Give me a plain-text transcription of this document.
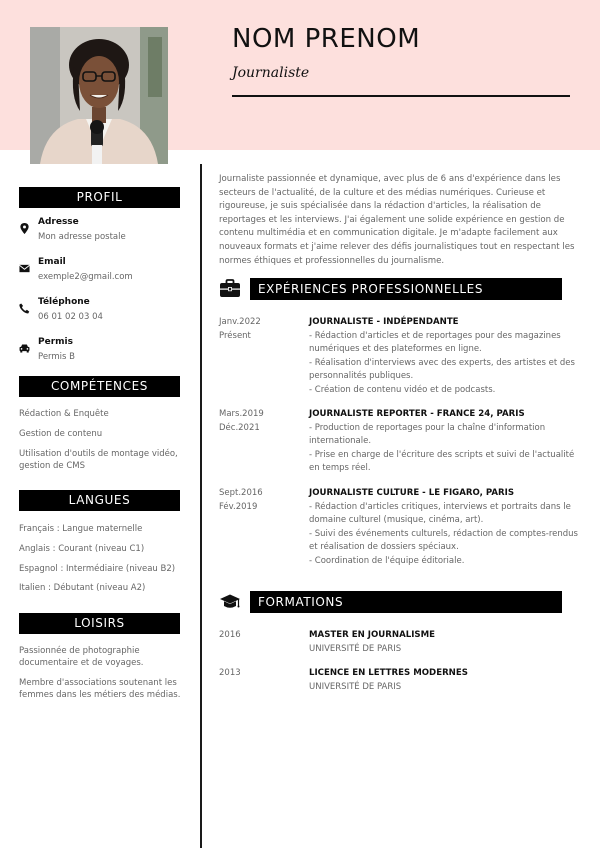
NOM PRENOM
Journaliste
PROFIL
Adresse
Mon adresse postale
Email
exemple2@gmail.com
Téléphone
06 01 02 03 04
Permis
Permis B
COMPÉTENCES
Rédaction & Enquête
Gestion de contenu
Utilisation d'outils de montage vidéo, gestion de CMS
LANGUES
Français : Langue maternelle
Anglais : Courant (niveau C1)
Espagnol : Intermédiaire (niveau B2)
Italien : Débutant (niveau A2)
LOISIRS
Passionnée de photographie documentaire et de voyages.
Membre d'associations soutenant les femmes dans les métiers des médias.
Journaliste passionnée et dynamique, avec plus de 6 ans d'expérience dans les secteurs de l'actualité, de la culture et des médias numériques. Curieuse et rigoureuse, je suis spécialisée dans la rédaction d'articles, la réalisation de reportages et les interviews. J'ai également une solide expérience en gestion de contenu multimédia et en communication digitale. Je m'adapte facilement aux nouveaux formats et j'aime relever des défis journalistiques tout en respectant les normes éthiques et professionnelles du journalisme.
EXPÉRIENCES PROFESSIONNELLES
Janv.2022
Présent
JOURNALISTE - INDÉPENDANTE
- Rédaction d'articles et de reportages pour des magazines numériques et des plateformes en ligne.
- Réalisation d'interviews avec des experts, des artistes et des personnalités publiques.
- Création de contenu vidéo et de podcasts.
Mars.2019
Déc.2021
JOURNALISTE REPORTER - FRANCE 24, PARIS
- Production de reportages pour la chaîne d'information internationale.
- Prise en charge de l'écriture des scripts et suivi de l'actualité en temps réel.
Sept.2016
Fév.2019
JOURNALISTE CULTURE - LE FIGARO, PARIS
- Rédaction d'articles critiques, interviews et portraits dans le domaine culturel (musique, cinéma, art).
- Suivi des événements culturels, rédaction de comptes-rendus et réalisation de dossiers spéciaux.
- Coordination de l'équipe éditoriale.
FORMATIONS
2016	MASTER EN JOURNALISME
UNIVERSITÉ DE PARIS
2013	LICENCE EN LETTRES MODERNES
UNIVERSITÉ DE PARIS
